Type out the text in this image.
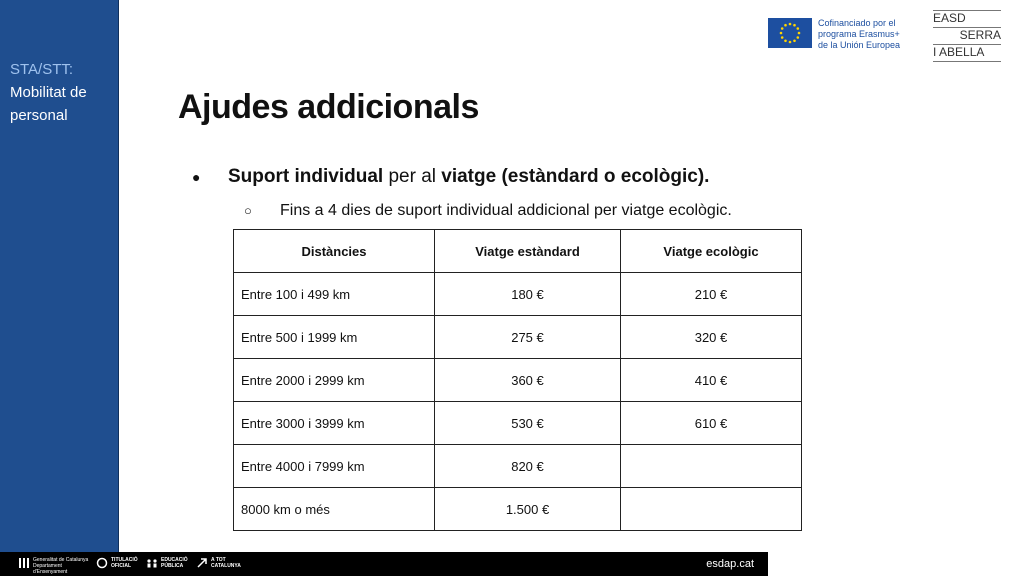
STA/STT:
Mobilitat de
personal
Cofinanciado por el
programa Erasmus+
de la Unión Europea
EASD
SERRA
I ABELLA
Ajudes addicionals
● Suport individual per al viatge (estàndard o ecològic).
○ Fins a 4 dies de suport individual addicional per viatge ecològic.
Distàncies	Viatge estàndard	Viatge ecològic
Entre 100 i 499 km	180 €	210 €
Entre 500 i 1999 km	275 €	320 €
Entre 2000 i 2999 km	360 €	410 €
Entre 3000 i 3999 km	530 €	610 €
Entre 4000 i 7999 km	820 €	
8000 km o més	1.500 €	
Generalitat de Catalunya
Departament
d'Ensenyament
TITULACIÓ
OFICIAL
EDUCACIÓ
PÚBLICA
A TOT
CATALUNYA	esdap.cat
